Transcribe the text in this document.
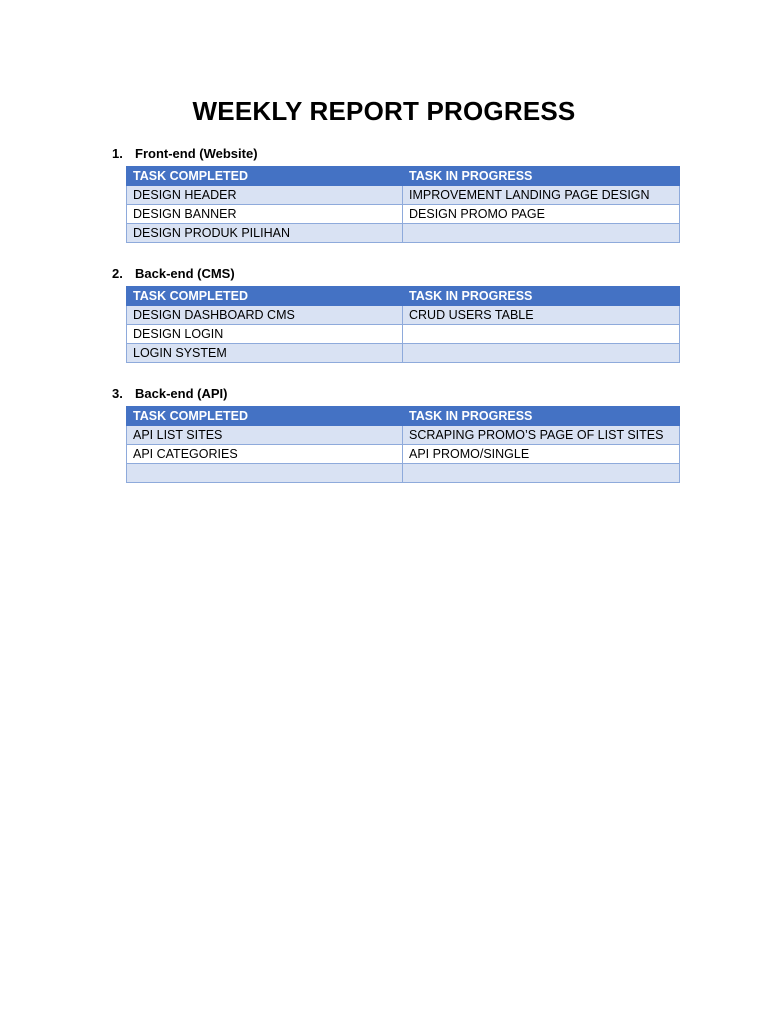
WEEKLY REPORT PROGRESS
1. Front-end (Website)
TASK COMPLETED	TASK IN PROGRESS
DESIGN HEADER	IMPROVEMENT LANDING PAGE DESIGN
DESIGN BANNER	DESIGN PROMO PAGE
DESIGN PRODUK PILIHAN	
2. Back-end (CMS)
TASK COMPLETED	TASK IN PROGRESS
DESIGN DASHBOARD CMS	CRUD USERS TABLE
DESIGN LOGIN	
LOGIN SYSTEM	
3. Back-end (API)
TASK COMPLETED	TASK IN PROGRESS
API LIST SITES	SCRAPING PROMO’S PAGE OF LIST SITES
API CATEGORIES	API PROMO/SINGLE
